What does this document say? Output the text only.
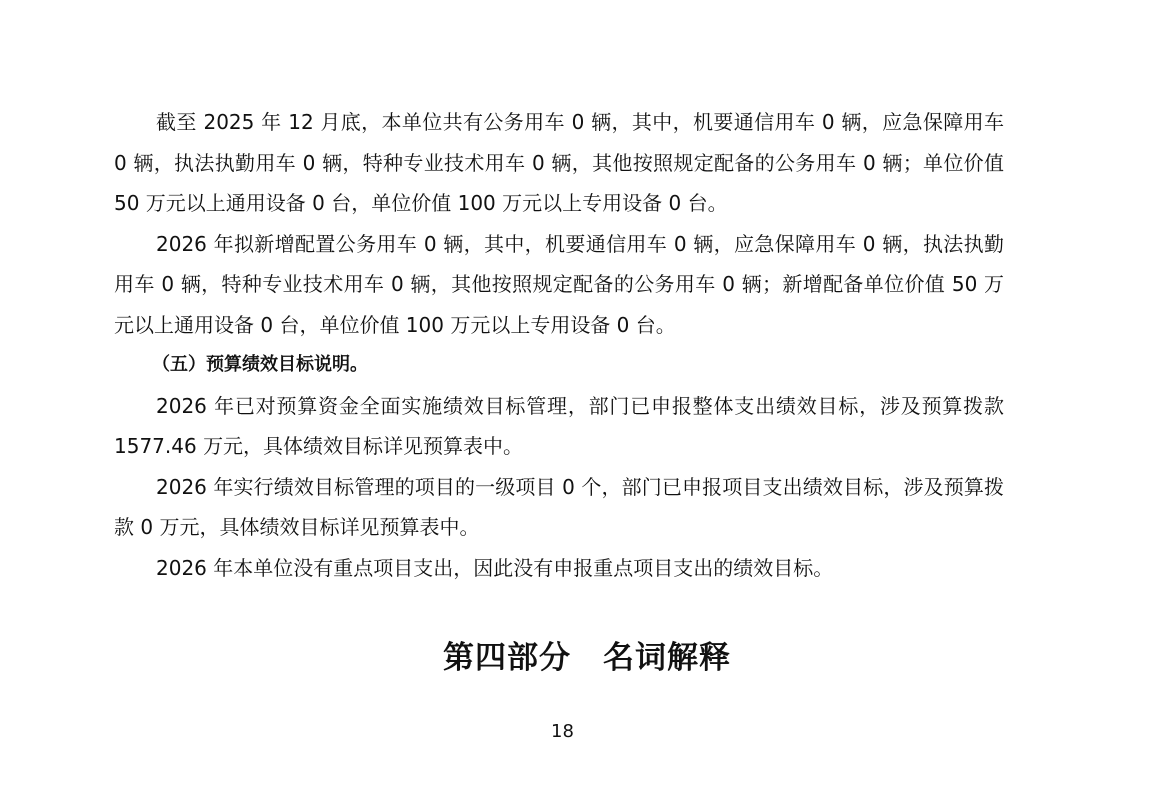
截至 2025 年 12 月底，本单位共有公务用车 0 辆，其中，机要通信用车 0 辆，应急保障用车 0 辆，执法执勤用车 0 辆，特种专业技术用车 0 辆，其他按照规定配备的公务用车 0 辆；单位价值 50 万元以上通用设备 0 台，单位价值 100 万元以上专用设备 0 台。

2026 年拟新增配置公务用车 0 辆，其中，机要通信用车 0 辆，应急保障用车 0 辆，执法执勤用车 0 辆，特种专业技术用车 0 辆，其他按照规定配备的公务用车 0 辆；新增配备单位价值 50 万元以上通用设备 0 台，单位价值 100 万元以上专用设备 0 台。

（五）预算绩效目标说明。

2026 年已对预算资金全面实施绩效目标管理，部门已申报整体支出绩效目标，涉及预算拨款 1577.46 万元，具体绩效目标详见预算表中。

2026 年实行绩效目标管理的项目的一级项目 0 个，部门已申报项目支出绩效目标，涉及预算拨款 0 万元，具体绩效目标详见预算表中。

2026 年本单位没有重点项目支出，因此没有申报重点项目支出的绩效目标。

第四部分　名词解释
18
